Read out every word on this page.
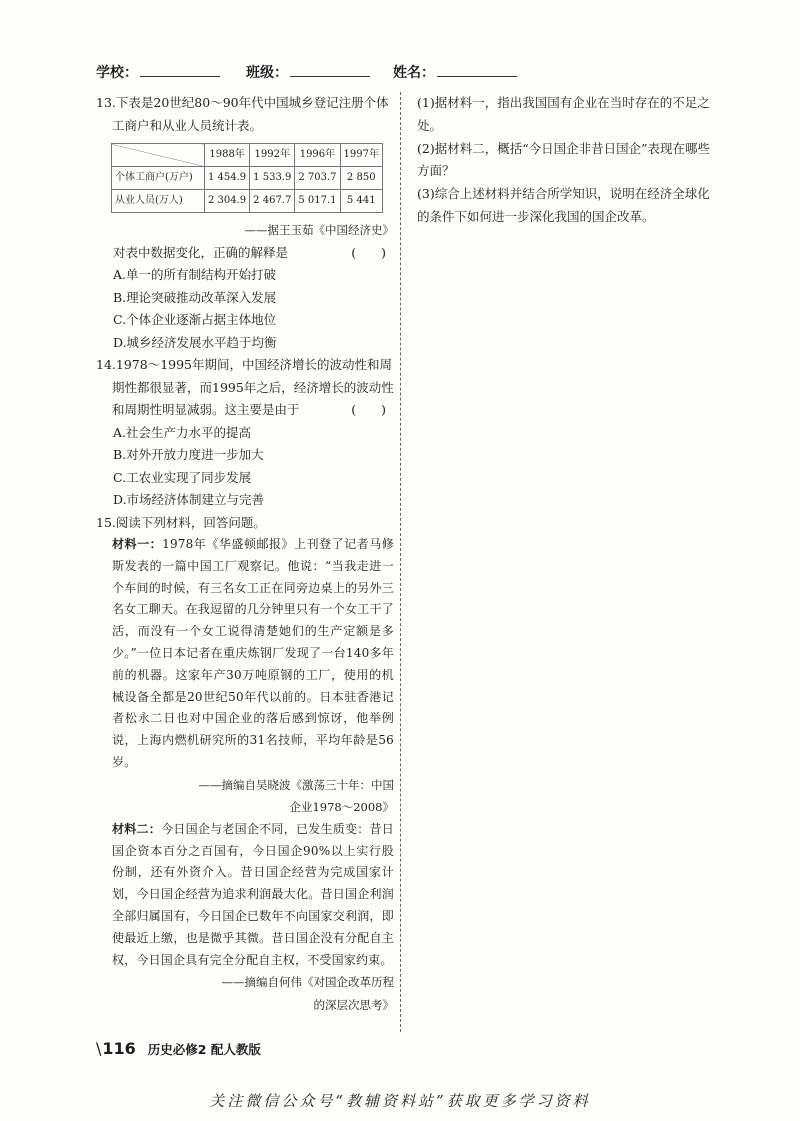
学校：	班级：	姓名：
13.下表是20世纪80～90年代中国城乡登记注册个体工商户和从业人员统计表。
	1988年	1992年	1996年	1997年
个体工商户(万户)	1 454.9	1 533.9	2 703.7	2 850
从业人员(万人)	2 304.9	2 467.7	5 017.1	5 441
——据王玉茹《中国经济史》
对表中数据变化，正确的解释是	(　　)
A.单一的所有制结构开始打破
B.理论突破推动改革深入发展
C.个体企业逐渐占据主体地位
D.城乡经济发展水平趋于均衡
14.1978～1995年期间，中国经济增长的波动性和周期性都很显著，而1995年之后，经济增长的波动性和周期性明显减弱。这主要是由于	(　　)
A.社会生产力水平的提高
B.对外开放力度进一步加大
C.工农业实现了同步发展
D.市场经济体制建立与完善
15.阅读下列材料，回答问题。
材料一：1978年《华盛顿邮报》上刊登了记者马修斯发表的一篇中国工厂观察记。他说：“当我走进一个车间的时候，有三名女工正在同旁边桌上的另外三名女工聊天。在我逗留的几分钟里只有一个女工干了活，而没有一个女工说得清楚她们的生产定额是多少。”一位日本记者在重庆炼钢厂发现了一台140多年前的机器。这家年产30万吨原钢的工厂，使用的机械设备全都是20世纪50年代以前的。日本驻香港记者松永二日也对中国企业的落后感到惊讶，他举例说，上海内燃机研究所的31名技师，平均年龄是56岁。
——摘编自吴晓波《激荡三十年：中国
企业1978～2008》
材料二：今日国企与老国企不同，已发生质变：昔日国企资本百分之百国有，今日国企90%以上实行股份制，还有外资介入。昔日国企经营为完成国家计划，今日国企经营为追求利润最大化。昔日国企利润全部归属国有，今日国企已数年不向国家交利润，即使最近上缴，也是微乎其微。昔日国企没有分配自主权，今日国企具有完全分配自主权，不受国家约束。
——摘编自何伟《对国企改革历程
的深层次思考》

(1)据材料一，指出我国国有企业在当时存在的不足之处。

(2)据材料二，概括“今日国企非昔日国企”表现在哪些方面？

(3)综合上述材料并结合所学知识，说明在经济全球化的条件下如何进一步深化我国的国企改革。

\ 116 历史必修2 配人教版
关注微信公众号“教辅资料站”获取更多学习资料
